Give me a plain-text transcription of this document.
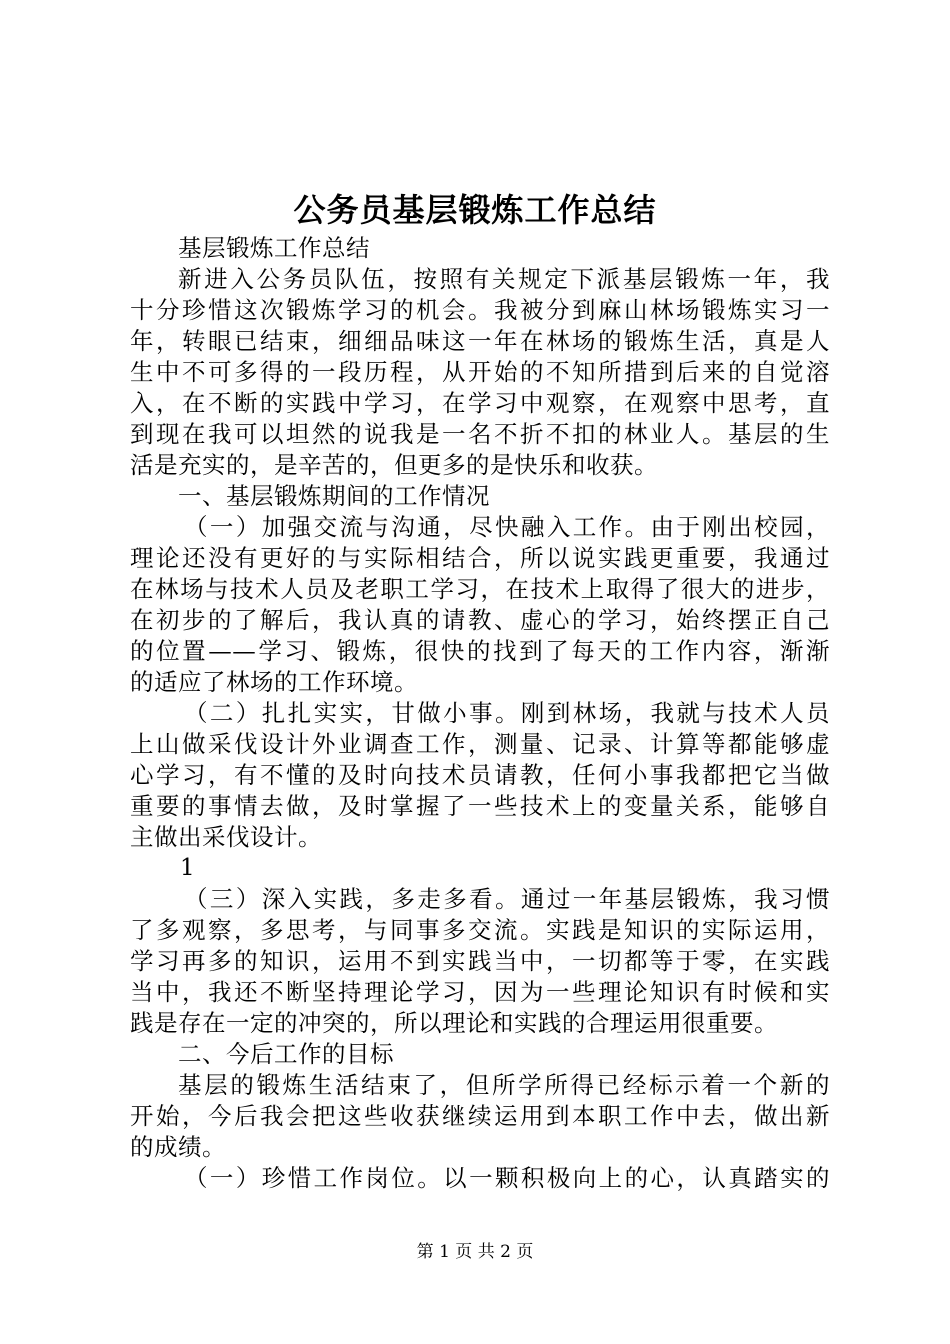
公务员基层锻炼工作总结
基层锻炼工作总结
新进入公务员队伍，按照有关规定下派基层锻炼一年，我
十分珍惜这次锻炼学习的机会。我被分到麻山林场锻炼实习一
年，转眼已结束，细细品味这一年在林场的锻炼生活，真是人
生中不可多得的一段历程，从开始的不知所措到后来的自觉溶
入，在不断的实践中学习，在学习中观察，在观察中思考，直
到现在我可以坦然的说我是一名不折不扣的林业人。基层的生
活是充实的，是辛苦的，但更多的是快乐和收获。
一、基层锻炼期间的工作情况
（一）加强交流与沟通，尽快融入工作。由于刚出校园，
理论还没有更好的与实际相结合，所以说实践更重要，我通过
在林场与技术人员及老职工学习，在技术上取得了很大的进步，
在初步的了解后，我认真的请教、虚心的学习，始终摆正自己
的位置——学习、锻炼，很快的找到了每天的工作内容，渐渐
的适应了林场的工作环境。
（二）扎扎实实，甘做小事。刚到林场，我就与技术人员
上山做采伐设计外业调查工作，测量、记录、计算等都能够虚
心学习，有不懂的及时向技术员请教，任何小事我都把它当做
重要的事情去做，及时掌握了一些技术上的变量关系，能够自
主做出采伐设计。
1
（三）深入实践，多走多看。通过一年基层锻炼，我习惯
了多观察，多思考，与同事多交流。实践是知识的实际运用，
学习再多的知识，运用不到实践当中，一切都等于零，在实践
当中，我还不断坚持理论学习，因为一些理论知识有时候和实
践是存在一定的冲突的，所以理论和实践的合理运用很重要。
二、今后工作的目标
基层的锻炼生活结束了，但所学所得已经标示着一个新的
开始，今后我会把这些收获继续运用到本职工作中去，做出新
的成绩。
（一）珍惜工作岗位。以一颗积极向上的心，认真踏实的
第 1 页 共 2 页
